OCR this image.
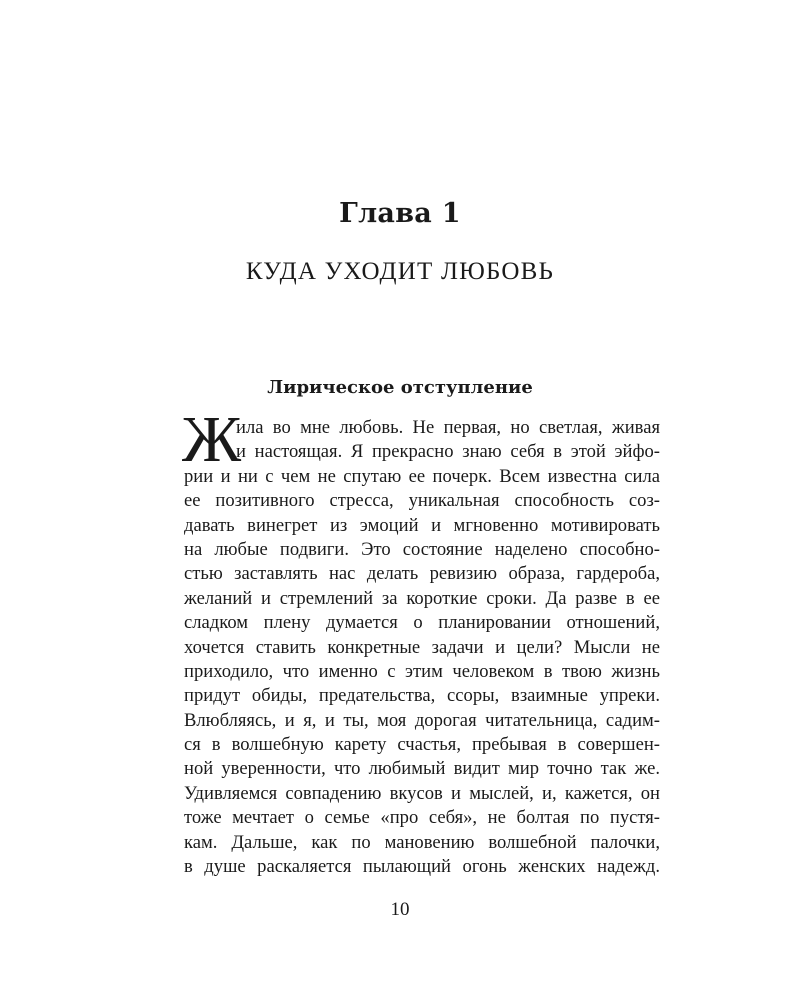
Глава 1
КУДА УХОДИТ ЛЮБОВЬ
Лирическое отступление
Ж
ила во мне любовь. Не первая, но светлая, живая
и настоящая. Я прекрасно знаю себя в этой эйфо-
рии и ни с чем не спутаю ее почерк. Всем известна сила
ее позитивного стресса, уникальная способность соз-
давать винегрет из эмоций и мгновенно мотивировать
на любые подвиги. Это состояние наделено способно-
стью заставлять нас делать ревизию образа, гардероба,
желаний и стремлений за короткие сроки. Да разве в ее
сладком плену думается о планировании отношений,
хочется ставить конкретные задачи и цели? Мысли не
приходило, что именно с этим человеком в твою жизнь
придут обиды, предательства, ссоры, взаимные упреки.
Влюбляясь, и я, и ты, моя дорогая читательница, садим-
ся в волшебную карету счастья, пребывая в совершен-
ной уверенности, что любимый видит мир точно так же.
Удивляемся совпадению вкусов и мыслей, и, кажется, он
тоже мечтает о семье «про себя», не болтая по пустя-
кам. Дальше, как по мановению волшебной палочки,
в душе раскаляется пылающий огонь женских надежд.
10
